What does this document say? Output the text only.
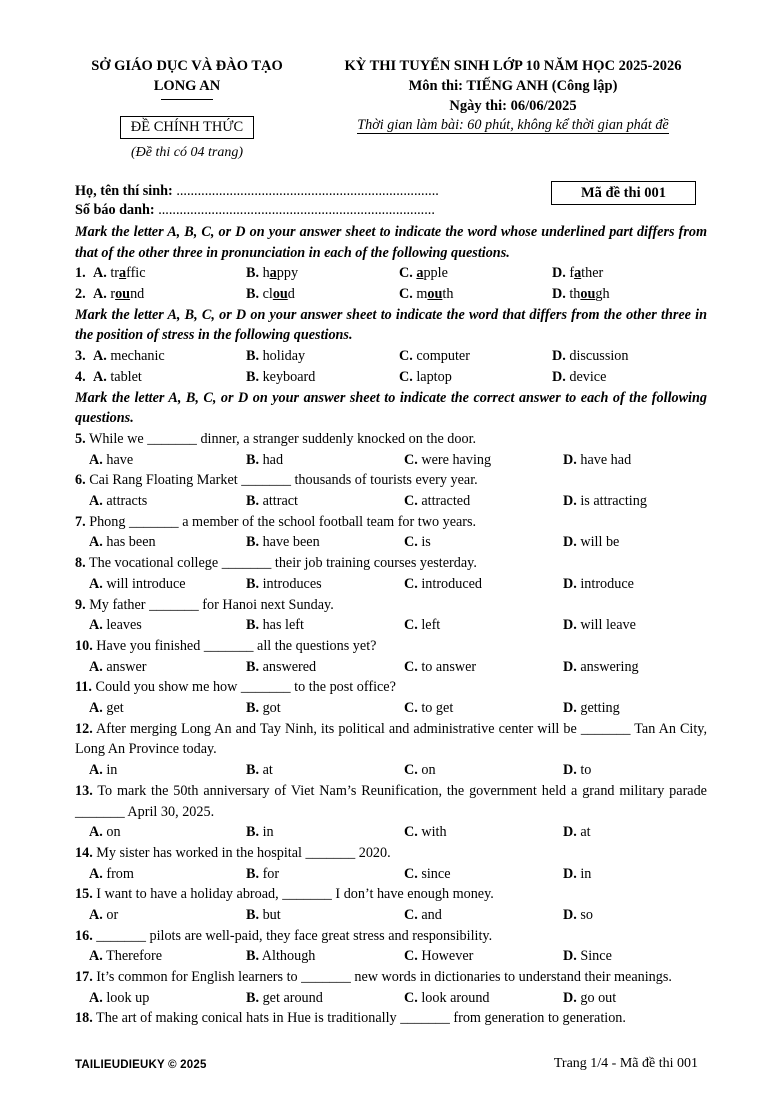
SỞ GIÁO DỤC VÀ ĐÀO TẠO
LONG AN
ĐỀ CHÍNH THỨC
(Đề thi có 04 trang)
KỲ THI TUYỂN SINH LỚP 10 NĂM HỌC 2025-2026
Môn thi: TIẾNG ANH (Công lập)
Ngày thi: 06/06/2025
Thời gian làm bài: 60 phút, không kể thời gian phát đề
Họ, tên thí sinh: ..........................................................................
Số báo danh: ..............................................................................
Mã đề thi 001
Mark the letter A, B, C, or D on your answer sheet to indicate the word whose underlined part differs from that of the other three in pronunciation in each of the following questions.
1. A. traffic	B. happy	C. apple	D. father
2. A. round	B. cloud	C. mouth	D. though
Mark the letter A, B, C, or D on your answer sheet to indicate the word that differs from the other three in the position of stress in the following questions.
3. A. mechanic	B. holiday	C. computer	D. discussion
4. A. tablet	B. keyboard	C. laptop	D. device
Mark the letter A, B, C, or D on your answer sheet to indicate the correct answer to each of the following questions.
5. While we _______ dinner, a stranger suddenly knocked on the door.
A. have	B. had	C. were having	D. have had
6. Cai Rang Floating Market _______ thousands of tourists every year.
A. attracts	B. attract	C. attracted	D. is attracting
7. Phong _______ a member of the school football team for two years.
A. has been	B. have been	C. is	D. will be
8. The vocational college _______ their job training courses yesterday.
A. will introduce	B. introduces	C. introduced	D. introduce
9. My father _______ for Hanoi next Sunday.
A. leaves	B. has left	C. left	D. will leave
10. Have you finished _______ all the questions yet?
A. answer	B. answered	C. to answer	D. answering
11. Could you show me how _______ to the post office?
A. get	B. got	C. to get	D. getting
12. After merging Long An and Tay Ninh, its political and administrative center will be _______ Tan An City, Long An Province today.
A. in	B. at	C. on	D. to
13. To mark the 50th anniversary of Viet Nam’s Reunification, the government held a grand military parade _______ April 30, 2025.
A. on	B. in	C. with	D. at
14. My sister has worked in the hospital _______ 2020.
A. from	B. for	C. since	D. in
15. I want to have a holiday abroad, _______ I don’t have enough money.
A. or	B. but	C. and	D. so
16. _______ pilots are well-paid, they face great stress and responsibility.
A. Therefore	B. Although	C. However	D. Since
17. It’s common for English learners to _______ new words in dictionaries to understand their meanings.
A. look up	B. get around	C. look around	D. go out
18. The art of making conical hats in Hue is traditionally _______ from generation to generation.
TAILIEUDIEUKY © 2025	Trang 1/4 - Mã đề thi 001
